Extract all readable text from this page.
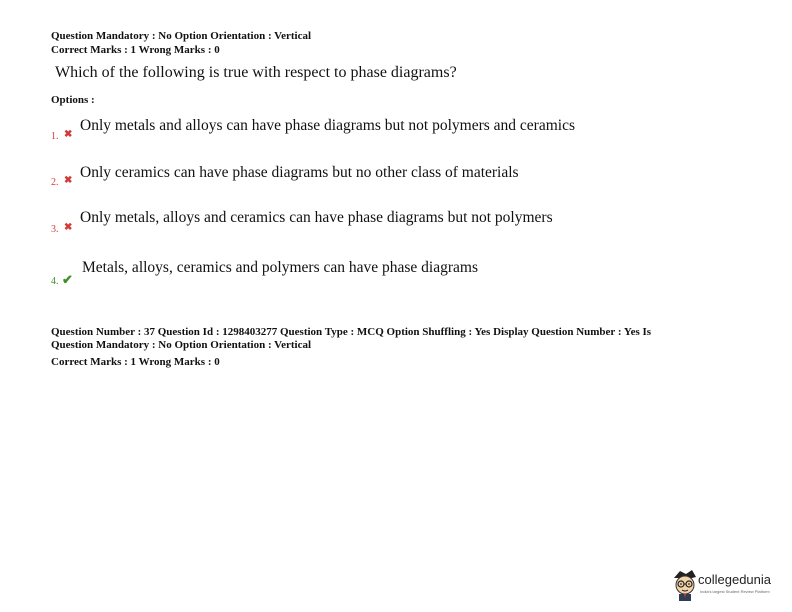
Question Mandatory : No Option Orientation : Vertical
Correct Marks : 1 Wrong Marks : 0
Which of the following is true with respect to phase diagrams?
Options :
1. ✖
Only metals and alloys can have phase diagrams but not polymers and ceramics
2. ✖ Only ceramics can have phase diagrams but no other class of materials
3. ✖
Only metals, alloys and ceramics can have phase diagrams but not polymers
4. ✔
Metals, alloys, ceramics and polymers can have phase diagrams
Question Number : 37 Question Id : 1298403277 Question Type : MCQ Option Shuffling : Yes Display Question Number : Yes Is
Question Mandatory : No Option Orientation : Vertical
Correct Marks : 1 Wrong Marks : 0
collegedunia
India's largest Student Review Platform
